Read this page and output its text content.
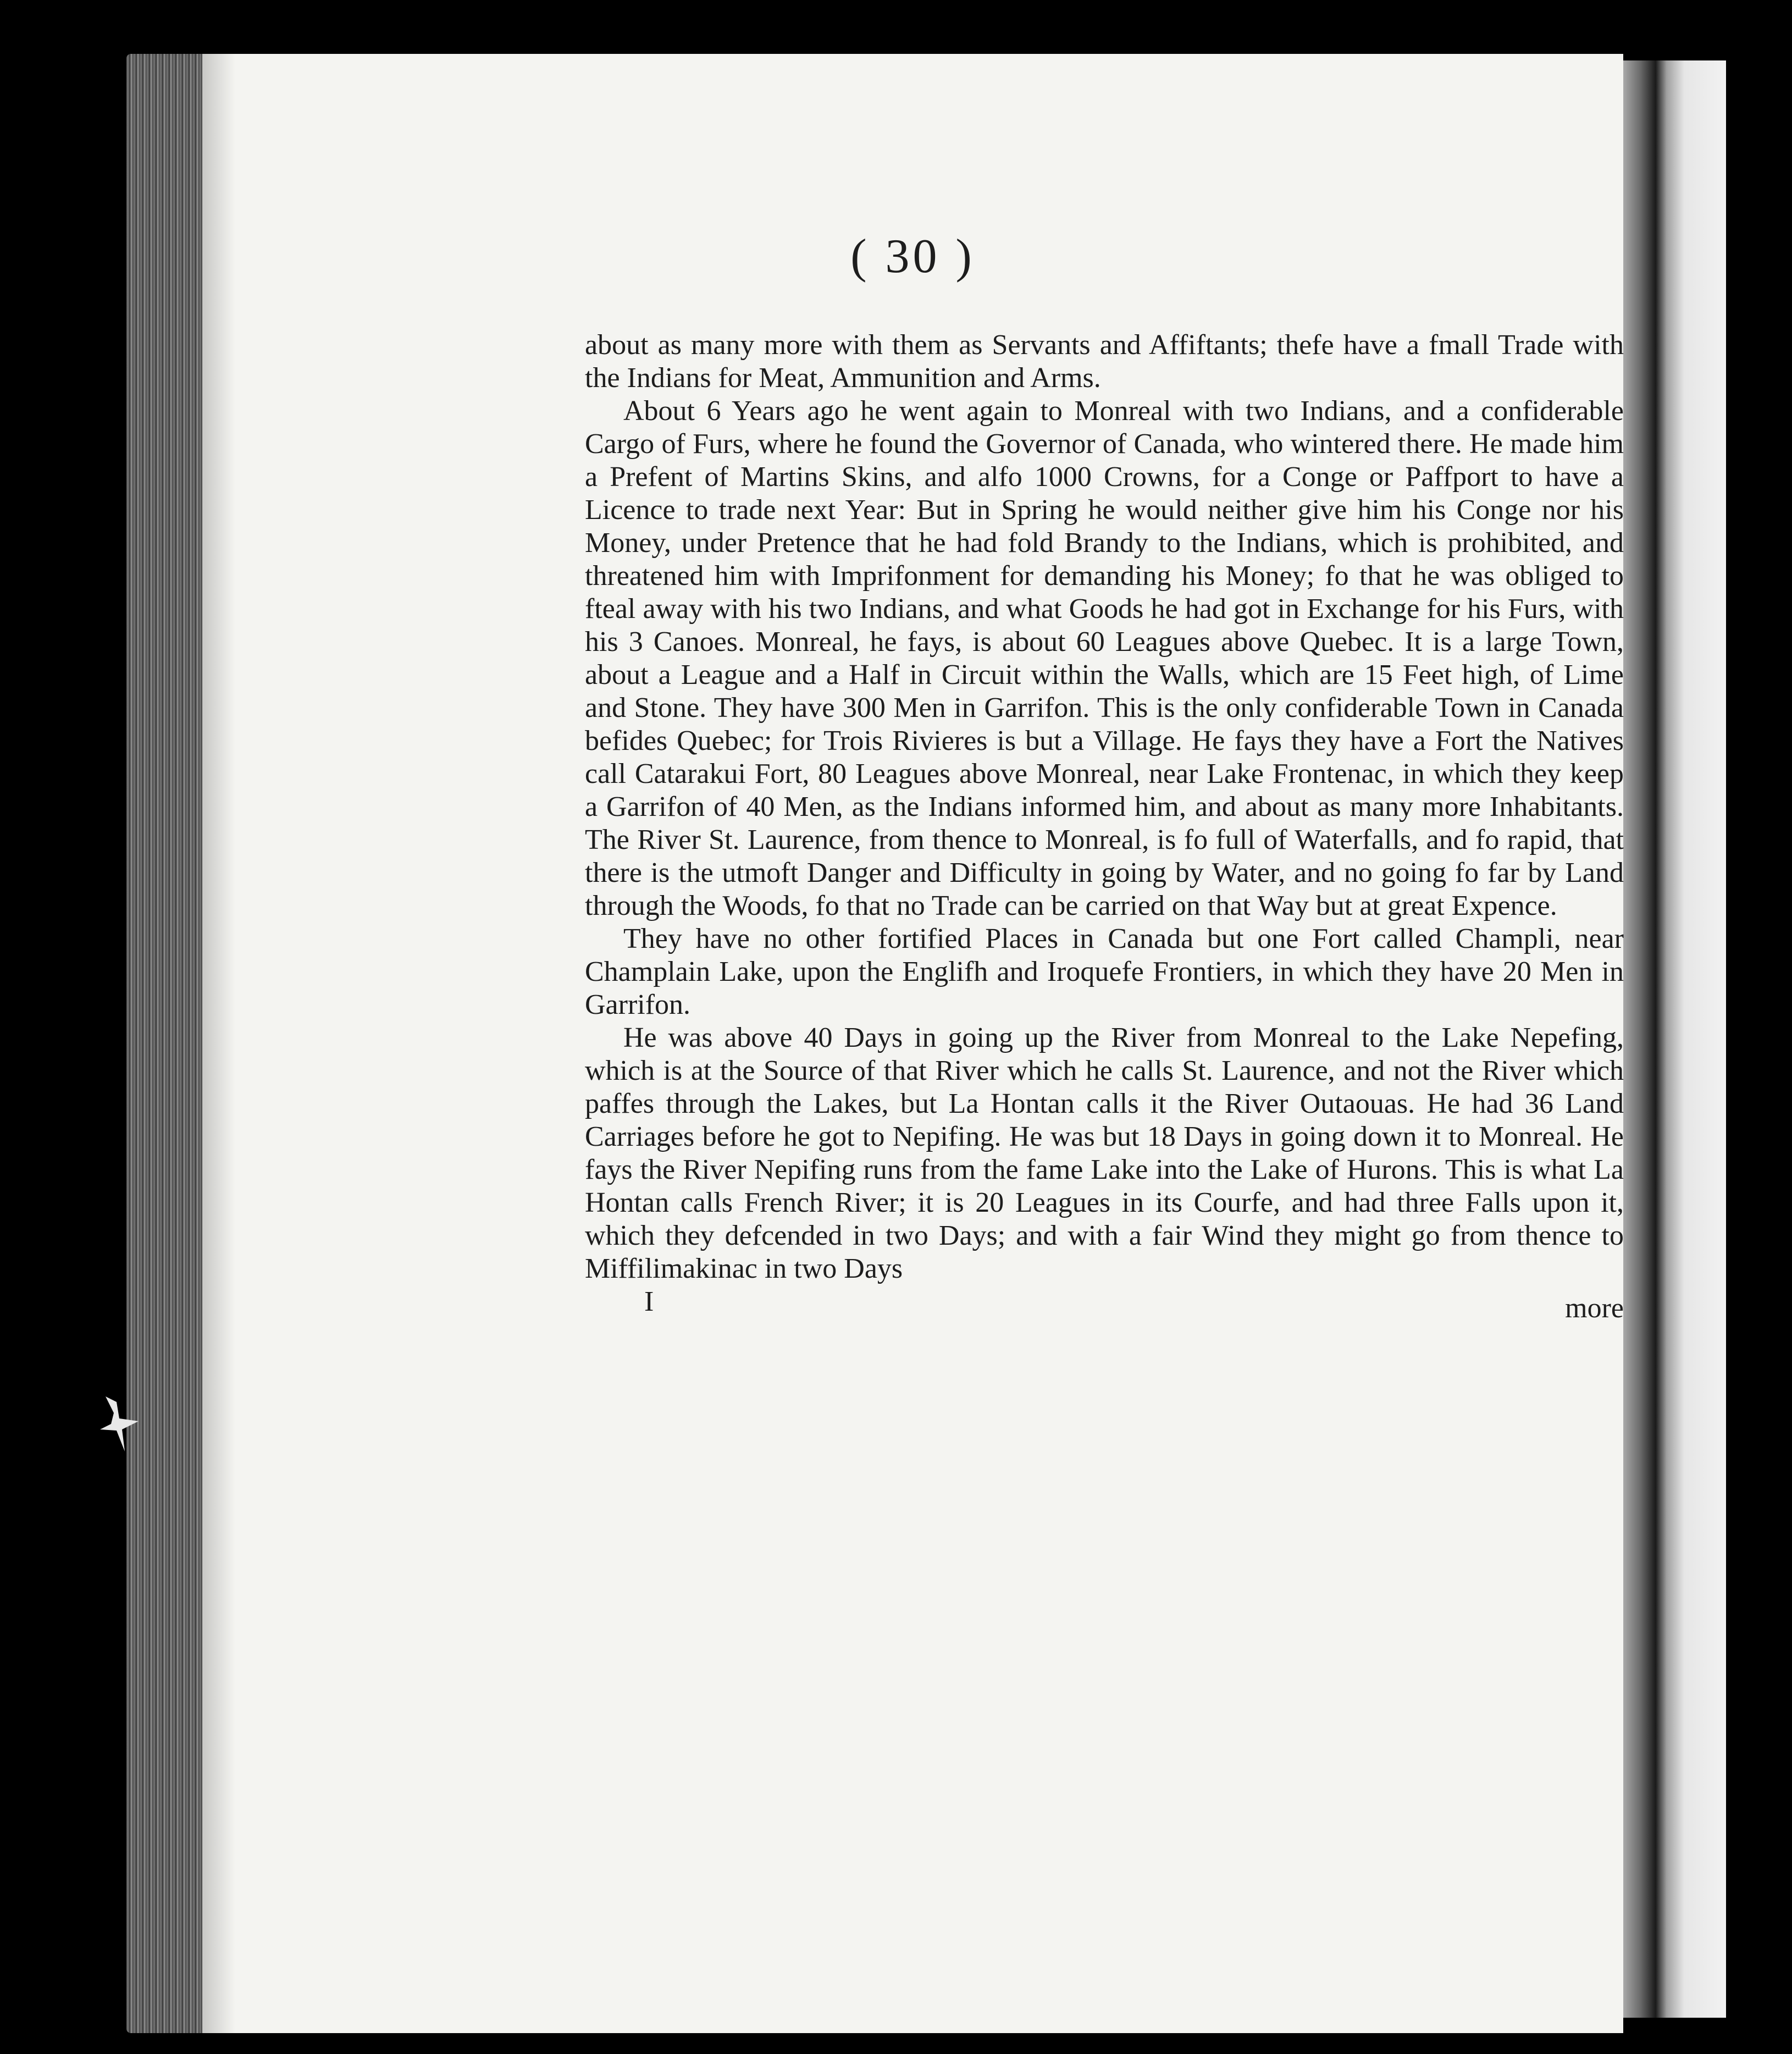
( 30 )

about as many more with them as Servants and Affiftants; thefe have a fmall Trade with the Indians for Meat, Ammunition and Arms.

About 6 Years ago he went again to Monreal with two Indians, and a confiderable Cargo of Furs, where he found the Governor of Canada, who wintered there. He made him a Prefent of Martins Skins, and alfo 1000 Crowns, for a Conge or Paffport to have a Licence to trade next Year: But in Spring he would neither give him his Conge nor his Money, under Pretence that he had fold Brandy to the Indians, which is prohibited, and threatened him with Imprifonment for demanding his Money; fo that he was obliged to fteal away with his two Indians, and what Goods he had got in Exchange for his Furs, with his 3 Canoes. Monreal, he fays, is about 60 Leagues above Quebec. It is a large Town, about a League and a Half in Circuit within the Walls, which are 15 Feet high, of Lime and Stone. They have 300 Men in Garrifon. This is the only confiderable Town in Canada befides Quebec; for Trois Rivieres is but a Village. He fays they have a Fort the Natives call Catarakui Fort, 80 Leagues above Monreal, near Lake Frontenac, in which they keep a Garrifon of 40 Men, as the Indians informed him, and about as many more Inhabitants. The River St. Laurence, from thence to Monreal, is fo full of Waterfalls, and fo rapid, that there is the utmoft Danger and Difficulty in going by Water, and no going fo far by Land through the Woods, fo that no Trade can be carried on that Way but at great Expence.

They have no other fortified Places in Canada but one Fort called Champli, near Champlain Lake, upon the Englifh and Iroquefe Frontiers, in which they have 20 Men in Garrifon.

He was above 40 Days in going up the River from Monreal to the Lake Nepefing, which is at the Source of that River which he calls St. Laurence, and not the River which paffes through the Lakes, but La Hontan calls it the River Outaouas. He had 36 Land Carriages before he got to Nepifing. He was but 18 Days in going down it to Monreal. He fays the River Nepifing runs from the fame Lake into the Lake of Hurons. This is what La Hontan calls French River; it is 20 Leagues in its Courfe, and had three Falls upon it, which they defcended in two Days; and with a fair Wind they might go from thence to Miffilimakinac in two Days

I	more
